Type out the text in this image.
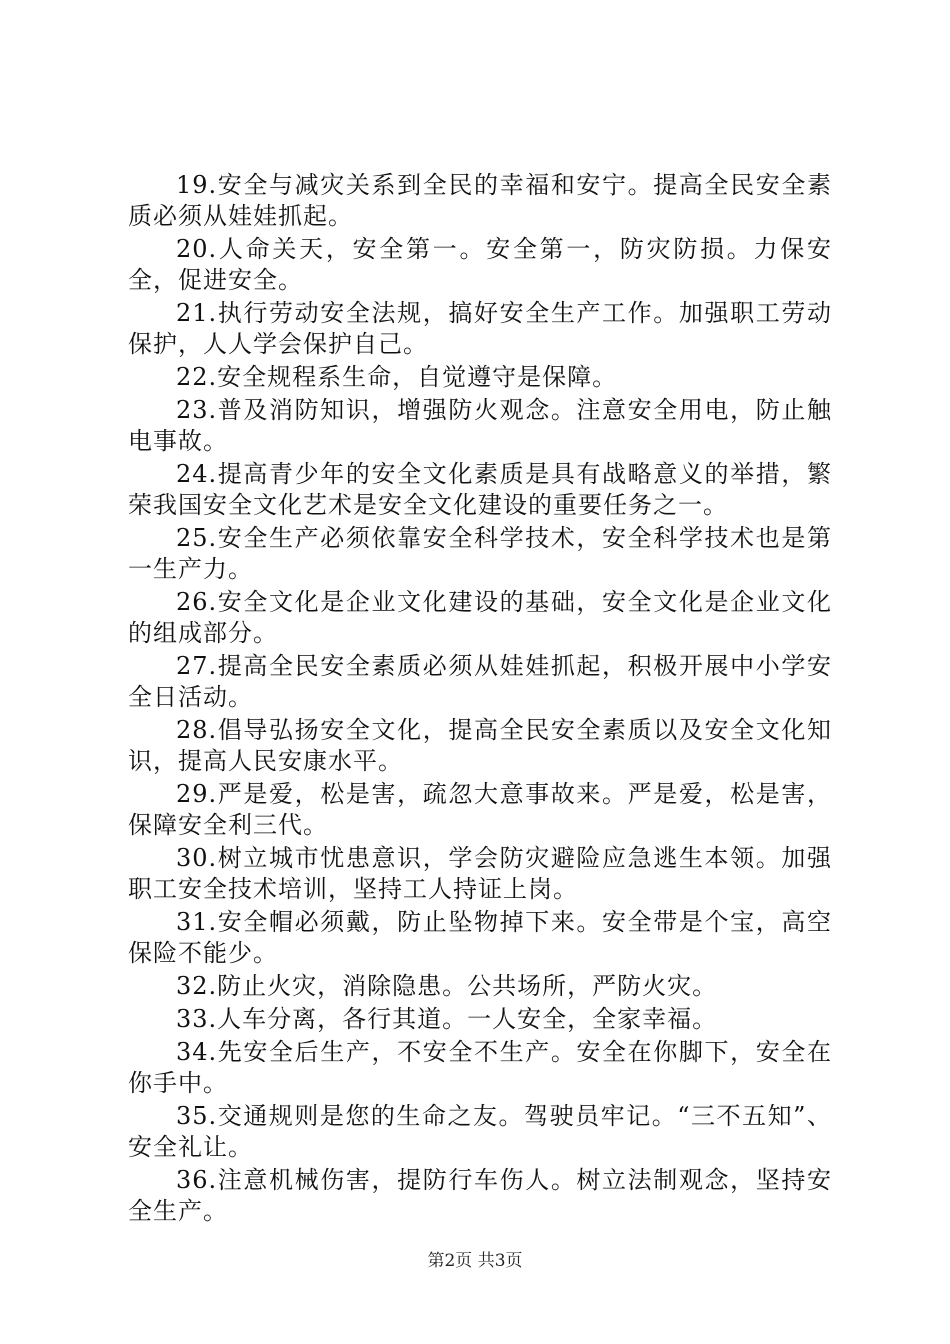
19.安全与减灾关系到全民的幸福和安宁。提高全民安全素质必须从娃娃抓起。

20.人命关天，安全第一。安全第一，防灾防损。力保安全，促进安全。

21.执行劳动安全法规，搞好安全生产工作。加强职工劳动保护，人人学会保护自己。

22.安全规程系生命，自觉遵守是保障。

23.普及消防知识，增强防火观念。注意安全用电，防止触电事故。

24.提高青少年的安全文化素质是具有战略意义的举措，繁荣我国安全文化艺术是安全文化建设的重要任务之一。

25.安全生产必须依靠安全科学技术，安全科学技术也是第一生产力。

26.安全文化是企业文化建设的基础，安全文化是企业文化的组成部分。

27.提高全民安全素质必须从娃娃抓起，积极开展中小学安全日活动。

28.倡导弘扬安全文化，提高全民安全素质以及安全文化知识，提高人民安康水平。

29.严是爱，松是害，疏忽大意事故来。严是爱，松是害，保障安全利三代。

30.树立城市忧患意识，学会防灾避险应急逃生本领。加强职工安全技术培训，坚持工人持证上岗。

31.安全帽必须戴，防止坠物掉下来。安全带是个宝，高空保险不能少。

32.防止火灾，消除隐患。公共场所，严防火灾。

33.人车分离，各行其道。一人安全，全家幸福。

34.先安全后生产，不安全不生产。安全在你脚下，安全在你手中。

35.交通规则是您的生命之友。驾驶员牢记。“三不五知”、安全礼让。

36.注意机械伤害，提防行车伤人。树立法制观念，坚持安全生产。

第2页 共3页
